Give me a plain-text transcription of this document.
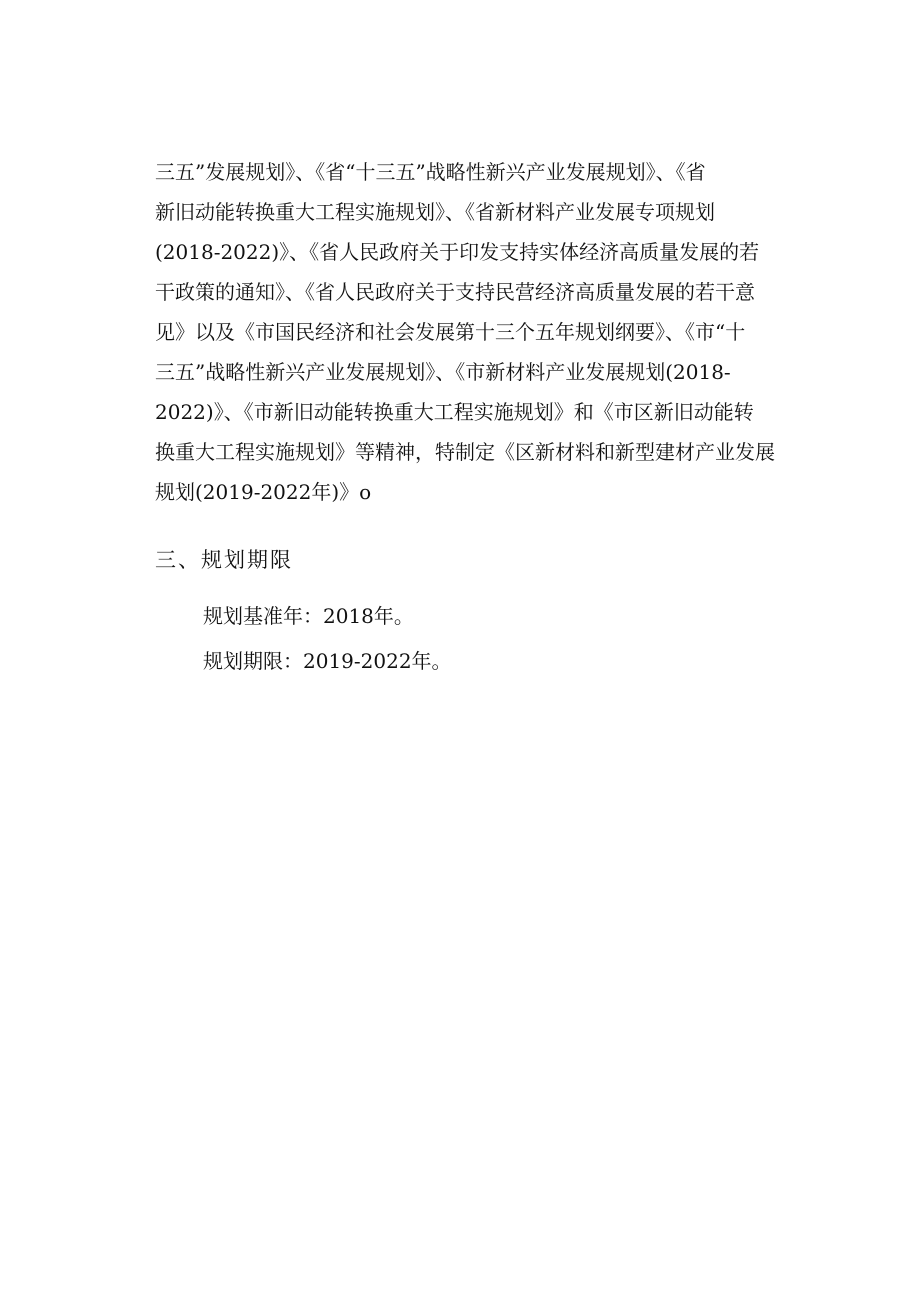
三五”发展规划》、《省“十三五”战略性新兴产业发展规划》、《省
新旧动能转换重大工程实施规划》、《省新材料产业发展专项规划
(2018-2022)》、《省人民政府关于印发支持实体经济高质量发展的若
干政策的通知》、《省人民政府关于支持民营经济高质量发展的若干意
见》以及《市国民经济和社会发展第十三个五年规划纲要》、《市“十
三五”战略性新兴产业发展规划》、《市新材料产业发展规划(2018-
2022)》、《市新旧动能转换重大工程实施规划》和《市区新旧动能转
换重大工程实施规划》等精神，特制定《区新材料和新型建材产业发展
规划(2019-2022年)》o
三、规划期限
规划基准年：2018年。
规划期限：2019-2022年。
